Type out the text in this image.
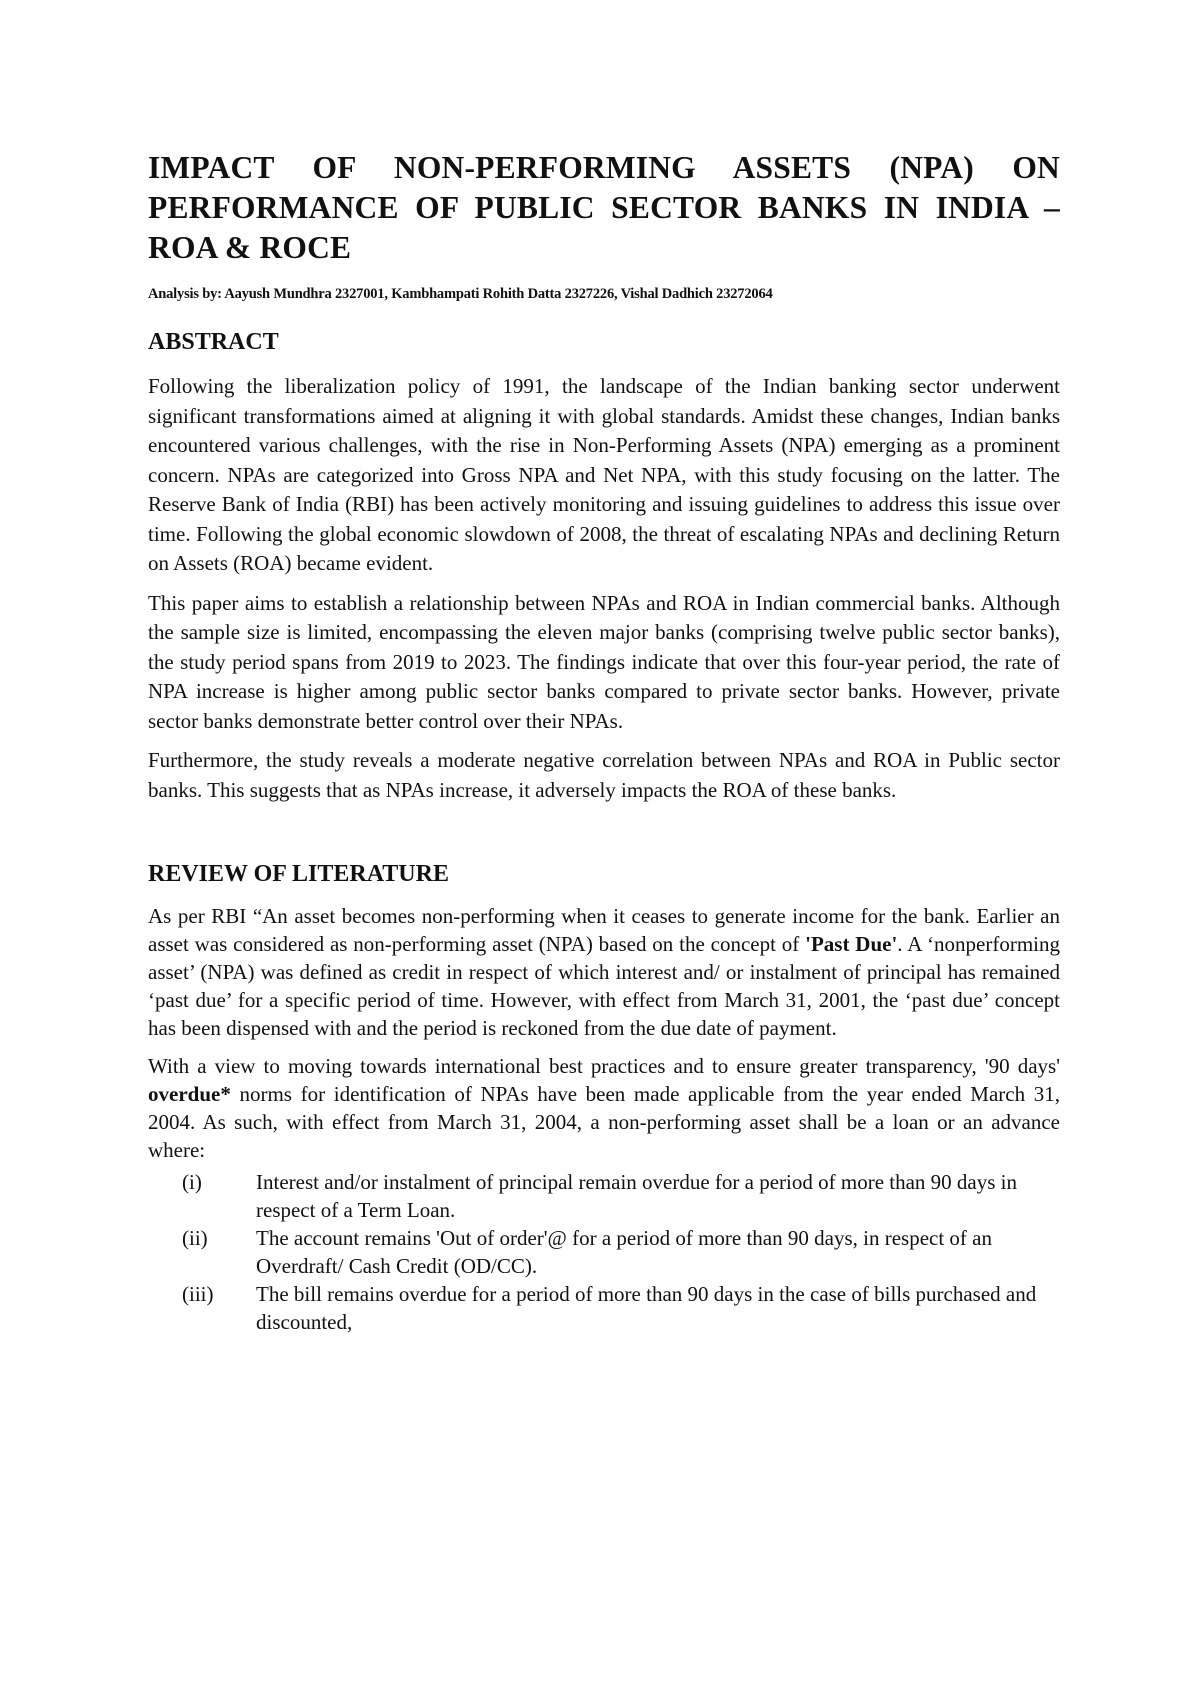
IMPACT OF NON-PERFORMING ASSETS (NPA) ON PERFORMANCE OF PUBLIC SECTOR BANKS IN INDIA – ROA & ROCE

Analysis by: Aayush Mundhra 2327001, Kambhampati Rohith Datta 2327226, Vishal Dadhich 23272064

ABSTRACT

Following the liberalization policy of 1991, the landscape of the Indian banking sector underwent significant transformations aimed at aligning it with global standards. Amidst these changes, Indian banks encountered various challenges, with the rise in Non-Performing Assets (NPA) emerging as a prominent concern. NPAs are categorized into Gross NPA and Net NPA, with this study focusing on the latter. The Reserve Bank of India (RBI) has been actively monitoring and issuing guidelines to address this issue over time. Following the global economic slowdown of 2008, the threat of escalating NPAs and declining Return on Assets (ROA) became evident.

This paper aims to establish a relationship between NPAs and ROA in Indian commercial banks. Although the sample size is limited, encompassing the eleven major banks (comprising twelve public sector banks), the study period spans from 2019 to 2023. The findings indicate that over this four-year period, the rate of NPA increase is higher among public sector banks compared to private sector banks. However, private sector banks demonstrate better control over their NPAs.

Furthermore, the study reveals a moderate negative correlation between NPAs and ROA in Public sector banks. This suggests that as NPAs increase, it adversely impacts the ROA of these banks.

REVIEW OF LITERATURE

As per RBI “An asset becomes non-performing when it ceases to generate income for the bank. Earlier an asset was considered as non-performing asset (NPA) based on the concept of 'Past Due'. A ‘nonperforming asset’ (NPA) was defined as credit in respect of which interest and/ or instalment of principal has remained ‘past due’ for a specific period of time. However, with effect from March 31, 2001, the ‘past due’ concept has been dispensed with and the period is reckoned from the due date of payment.

With a view to moving towards international best practices and to ensure greater transparency, '90 days' overdue* norms for identification of NPAs have been made applicable from the year ended March 31, 2004. As such, with effect from March 31, 2004, a non-performing asset shall be a loan or an advance where:

(i)	Interest and/or instalment of principal remain overdue for a period of more than 90 days in respect of a Term Loan.
(ii)	The account remains 'Out of order'@ for a period of more than 90 days, in respect of an Overdraft/ Cash Credit (OD/CC).
(iii)	The bill remains overdue for a period of more than 90 days in the case of bills purchased and discounted,
